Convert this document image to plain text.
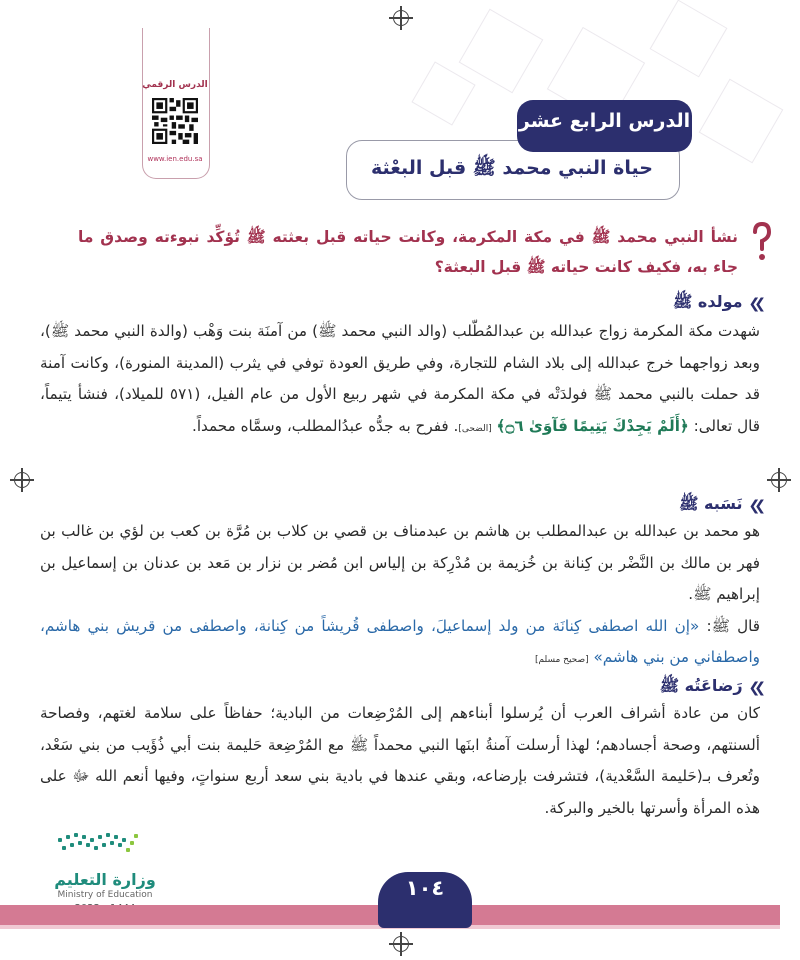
الدرس الرقمي
www.ien.edu.sa
الدرس الرابع عشر
حياة النبي محمد ﷺ قبل البعْثة
نشأ النبي محمد ﷺ في مكة المكرمة، وكانت حياته قبل بعثته ﷺ تُؤكِّد نبوءته وصدق ما جاء به، فكيف كانت حياته ﷺ قبل البعثة؟
❯❯
مولده ﷺ
شهدت مكة المكرمة زواج عبدالله بن عبدالمُطّلب (والد النبي محمد ﷺ) من آمنَة بنت وَهْب (والدة النبي محمد ﷺ)، وبعد زواجهما خرج عبدالله إلى بلاد الشام للتجارة، وفي طريق العودة توفي في يثرب (المدينة المنورة)، وكانت آمنة قد حملت بالنبي محمد ﷺ فولدَتْه في مكة المكرمة في شهر ربيع الأول من عام الفيل، (٥٧١ للميلاد)، فنشأ يتيماً، قال تعالى: ﴿أَلَمْ يَجِدْكَ يَتِيمًا فَآوَىٰ ۝٦﴾ [الضحى]. ففرح به جدُّه عبدُالمطلب، وسمَّاه محمداً.
❯❯
نَسَبه ﷺ
هو محمد بن عبدالله بن عبدالمطلب بن هاشم بن عبدمناف بن قصي بن كلاب بن مُرَّة بن كعب بن لؤي بن غالب بن فهر بن مالك بن النَّضْر بن كِنانة بن خُزيمة بن مُدْرِكة بن إلياس ابن مُضر بن نزار بن مَعد بن عدنان بن إسماعيل بن إبراهيم ﷺ.
قال ﷺ: «إن الله اصطفى كِنانَة من ولد إسماعيلَ، واصطفى قُريشاً من كِنانة، واصطفى من قريش بني هاشم، واصطفاني من بني هاشم» [صحيح مسلم]
❯❯
رَضاعَتُه ﷺ
كان من عادة أشراف العرب أن يُرسلوا أبناءهم إلى المُرْضِعات من البادية؛ حفاظاً على سلامة لغتهم، وفصاحة ألسنتهم، وصحة أجسادهم؛ لهذا أرسلت آمنةُ ابنَها النبي محمداً ﷺ مع المُرْضِعة حَليمة بنت أبي ذُؤَيب من بني سَعْد، وتُعرف بـ(حَليمة السَّعْدية)، فتشرفت بإرضاعه، وبقي عندها في بادية بني سعد أربع سنواتٍ، وفيها أنعم الله ﷻ على هذه المرأة وأسرتها بالخير والبركة.
وزارة التعليم
Ministry of Education	١٠٤
